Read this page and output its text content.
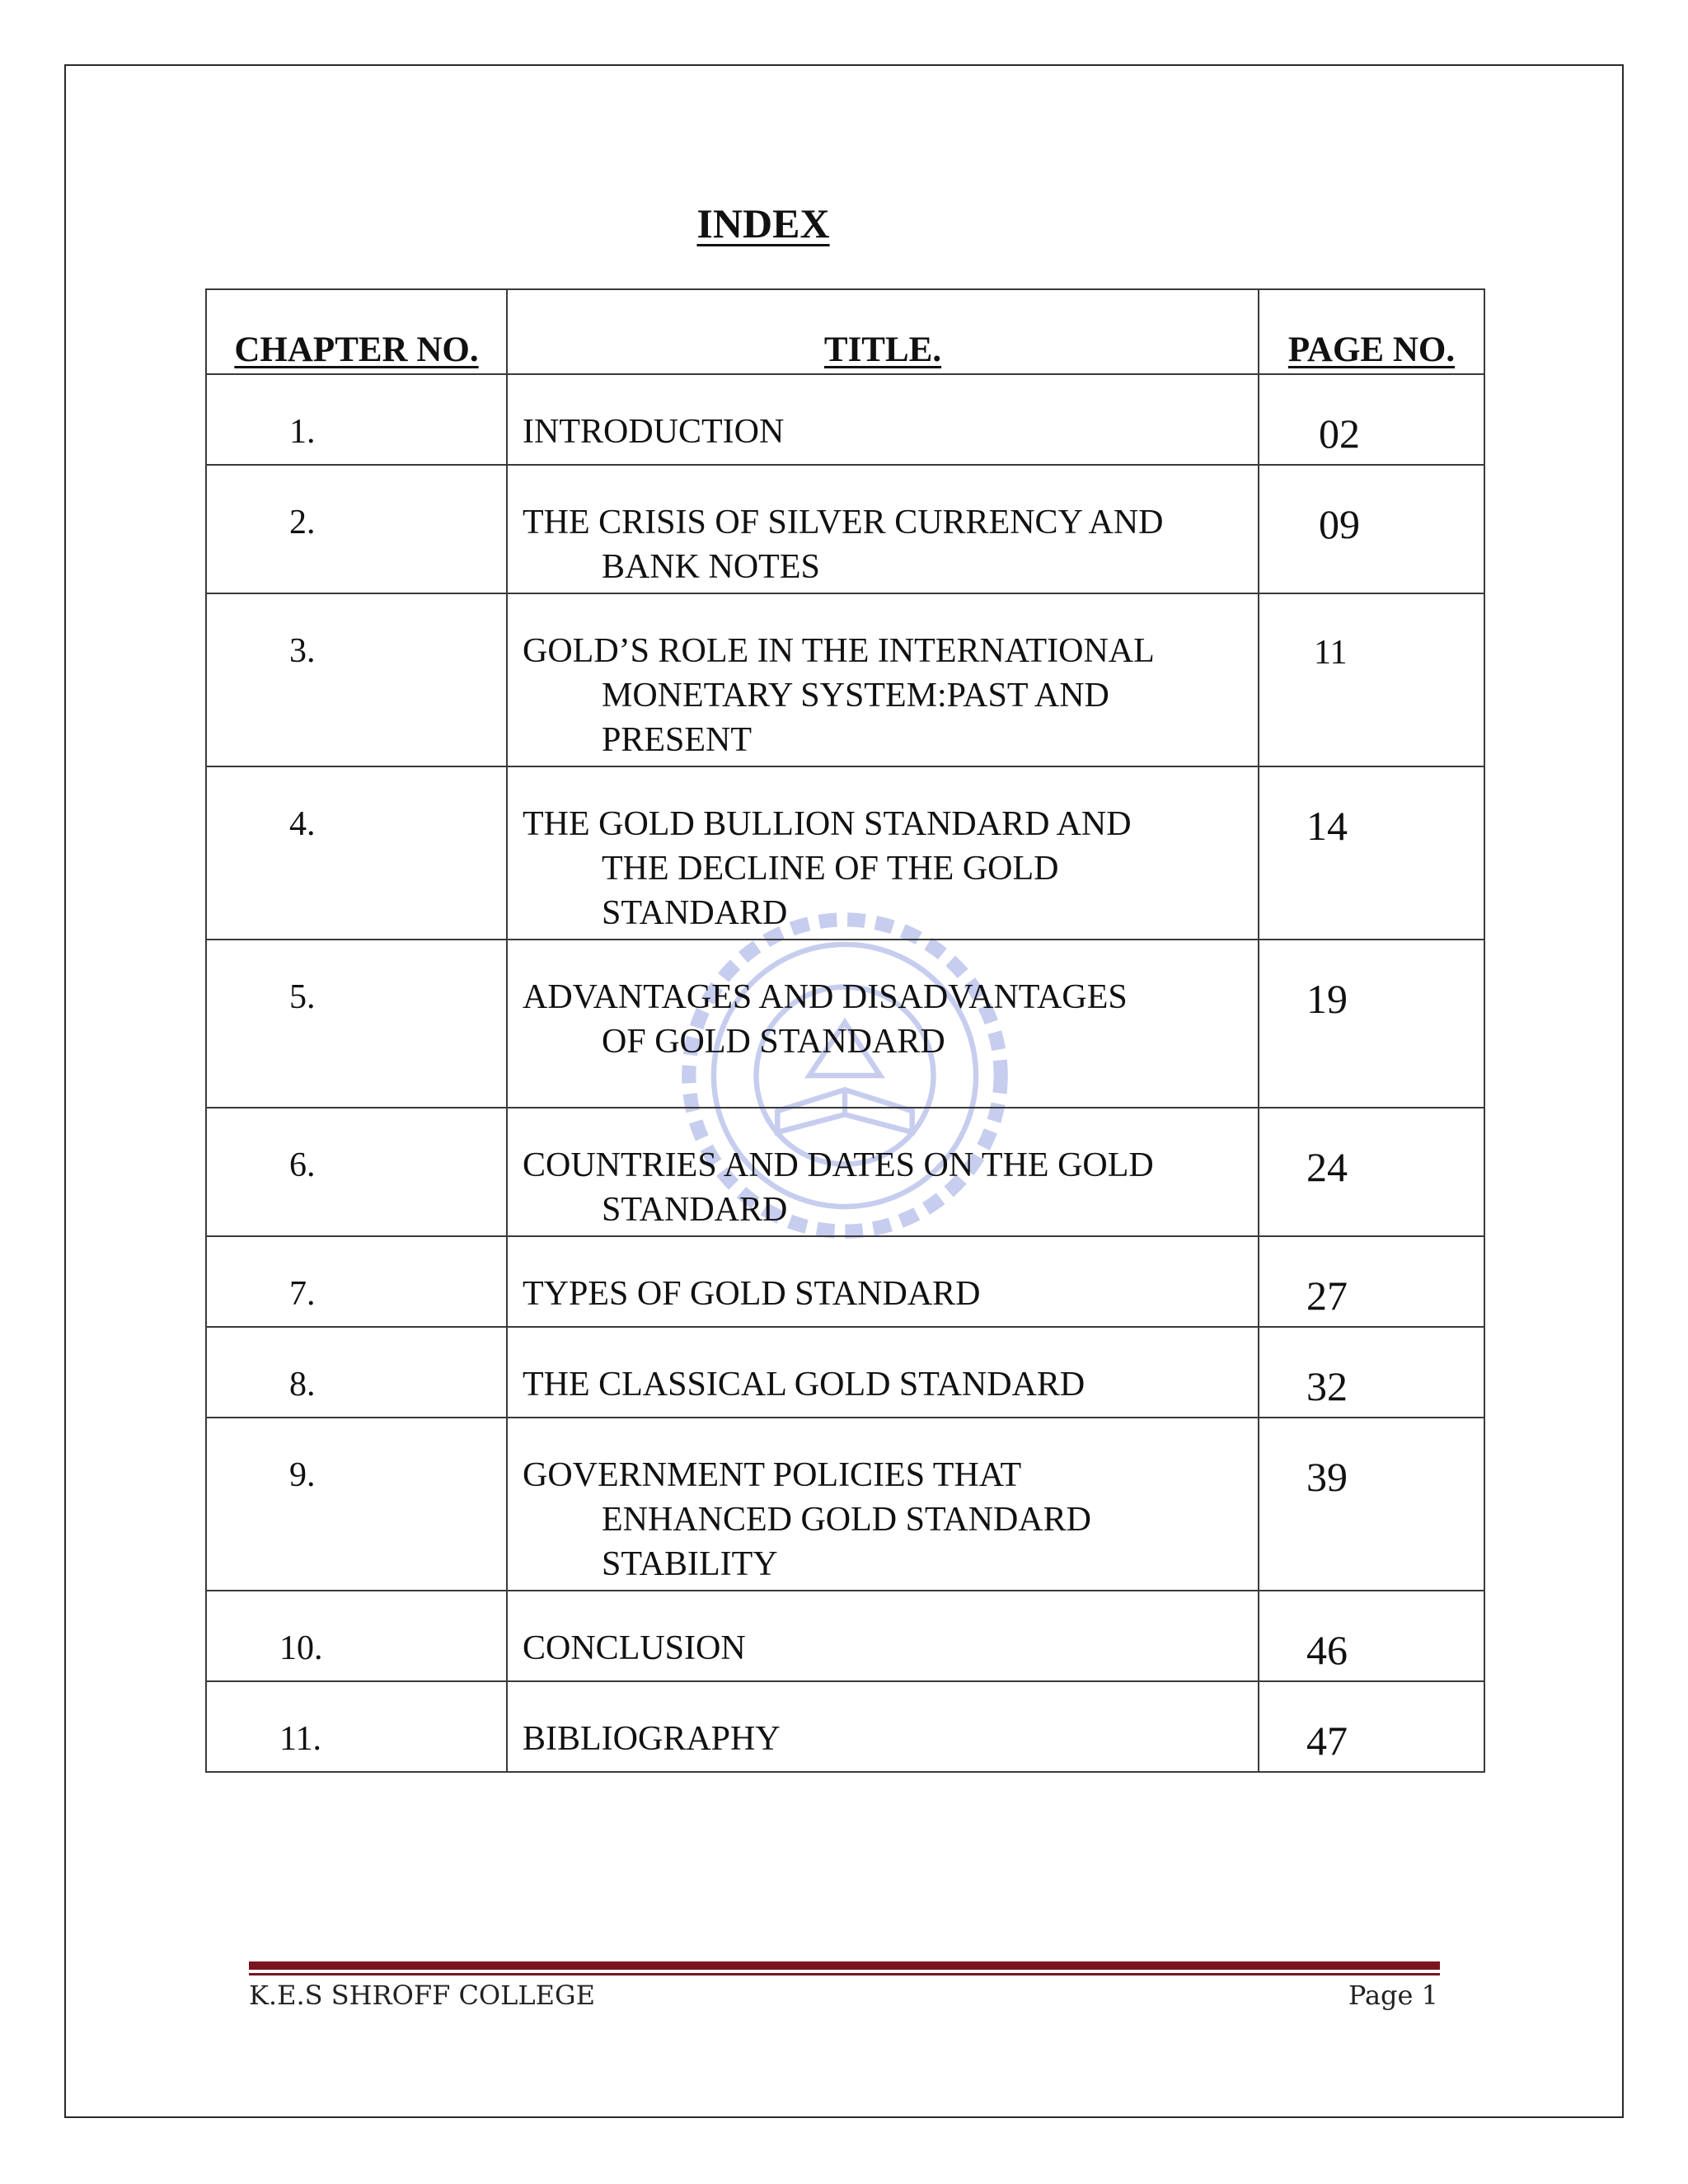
INDEX
CHAPTER NO.	TITLE.	PAGE NO.
1.	INTRODUCTION	02
2.	THE CRISIS OF SILVER CURRENCY AND
BANK NOTES	09
3.	GOLD’S ROLE IN THE INTERNATIONAL
MONETARY SYSTEM:PAST AND
PRESENT	11
4.	THE GOLD BULLION STANDARD AND
THE DECLINE OF THE GOLD
STANDARD	14
5.	ADVANTAGES AND DISADVANTAGES
OF GOLD STANDARD	19
6.	COUNTRIES AND DATES ON THE GOLD
STANDARD	24
7.	TYPES OF GOLD STANDARD	27
8.	THE CLASSICAL GOLD STANDARD	32
9.	GOVERNMENT POLICIES THAT
ENHANCED GOLD STANDARD
STABILITY	39
10.	CONCLUSION	46
11.	BIBLIOGRAPHY	47
K.E.S SHROFF COLLEGE	Page 1
